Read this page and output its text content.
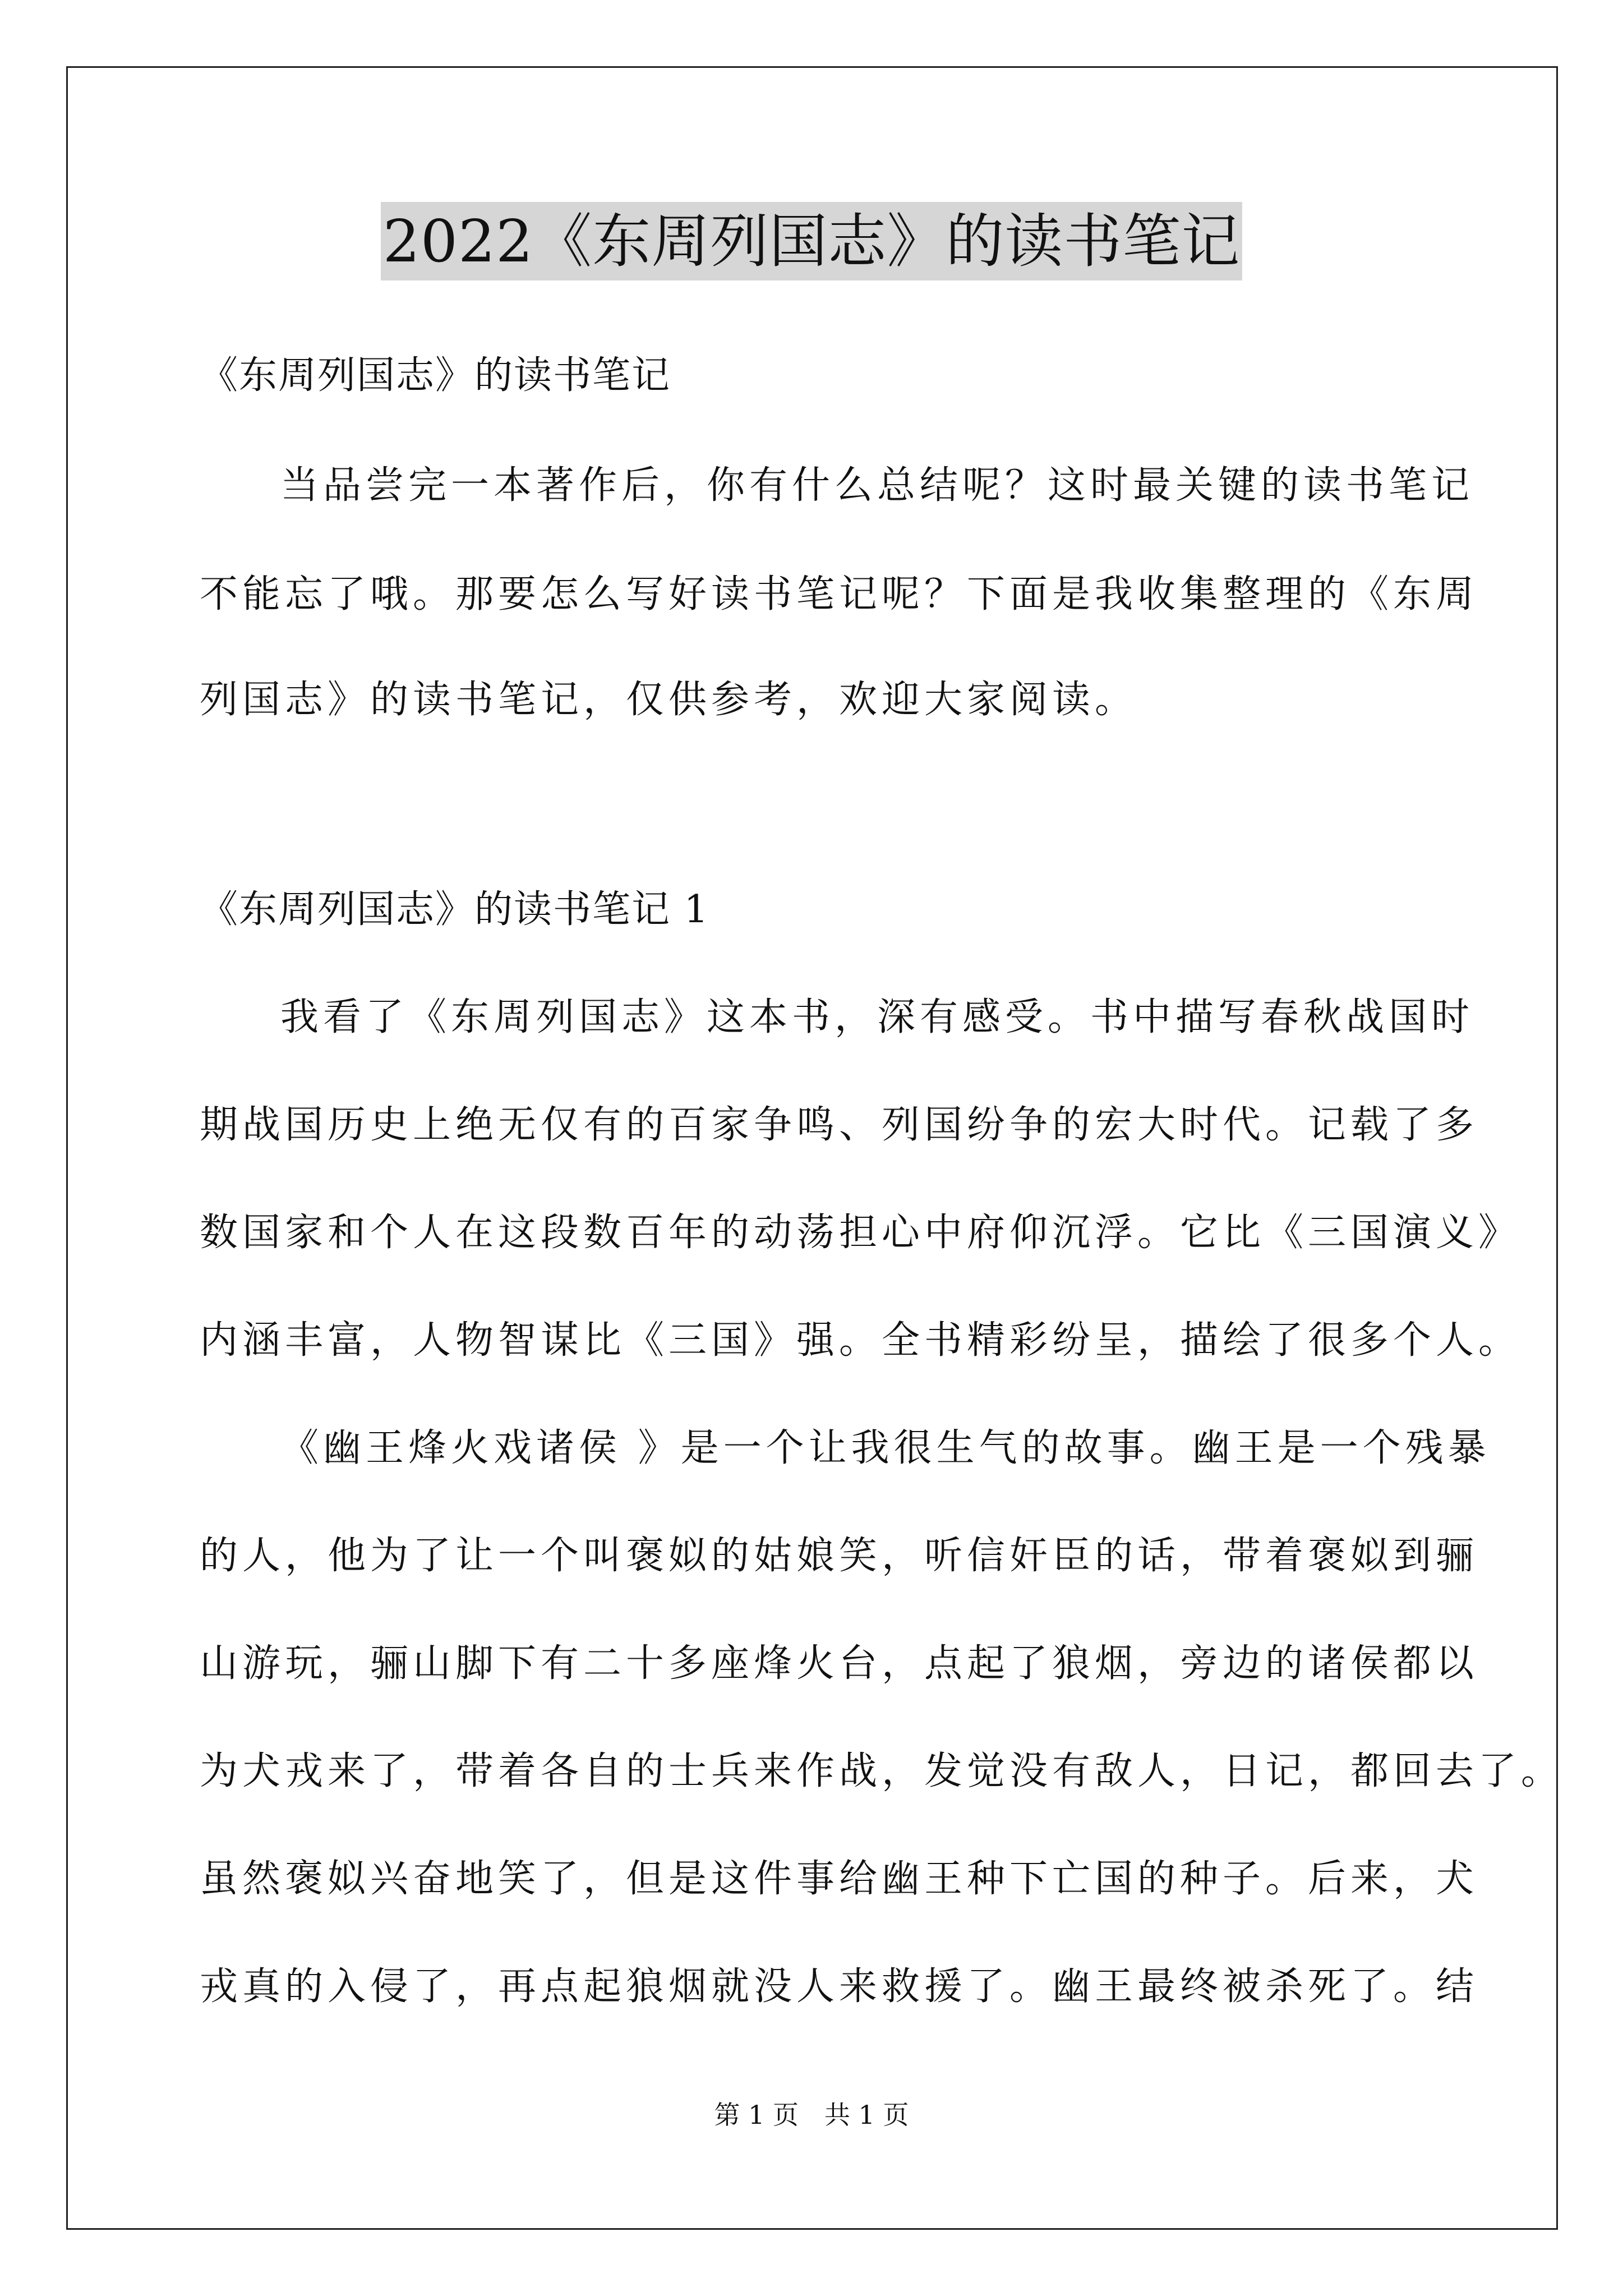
2022《东周列国志》的读书笔记
《东周列国志》的读书笔记
当品尝完一本著作后，你有什么总结呢？这时最关键的读书笔记
不能忘了哦。那要怎么写好读书笔记呢？下面是我收集整理的《东周
列国志》的读书笔记，仅供参考，欢迎大家阅读。
《东周列国志》的读书笔记 1
我看了《东周列国志》这本书，深有感受。书中描写春秋战国时
期战国历史上绝无仅有的百家争鸣、列国纷争的宏大时代。记载了多
数国家和个人在这段数百年的动荡担心中府仰沉浮。它比《三国演义》
内涵丰富，人物智谋比《三国》强。全书精彩纷呈，描绘了很多个人。
《幽王烽火戏诸侯 》是一个让我很生气的故事。幽王是一个残暴
的人，他为了让一个叫褒姒的姑娘笑，听信奸臣的话，带着褒姒到骊
山游玩，骊山脚下有二十多座烽火台，点起了狼烟，旁边的诸侯都以
为犬戎来了，带着各自的士兵来作战，发觉没有敌人，日记，都回去了。
虽然褒姒兴奋地笑了，但是这件事给幽王种下亡国的种子。后来，犬
戎真的入侵了，再点起狼烟就没人来救援了。幽王最终被杀死了。结
第 1 页　共 1 页
